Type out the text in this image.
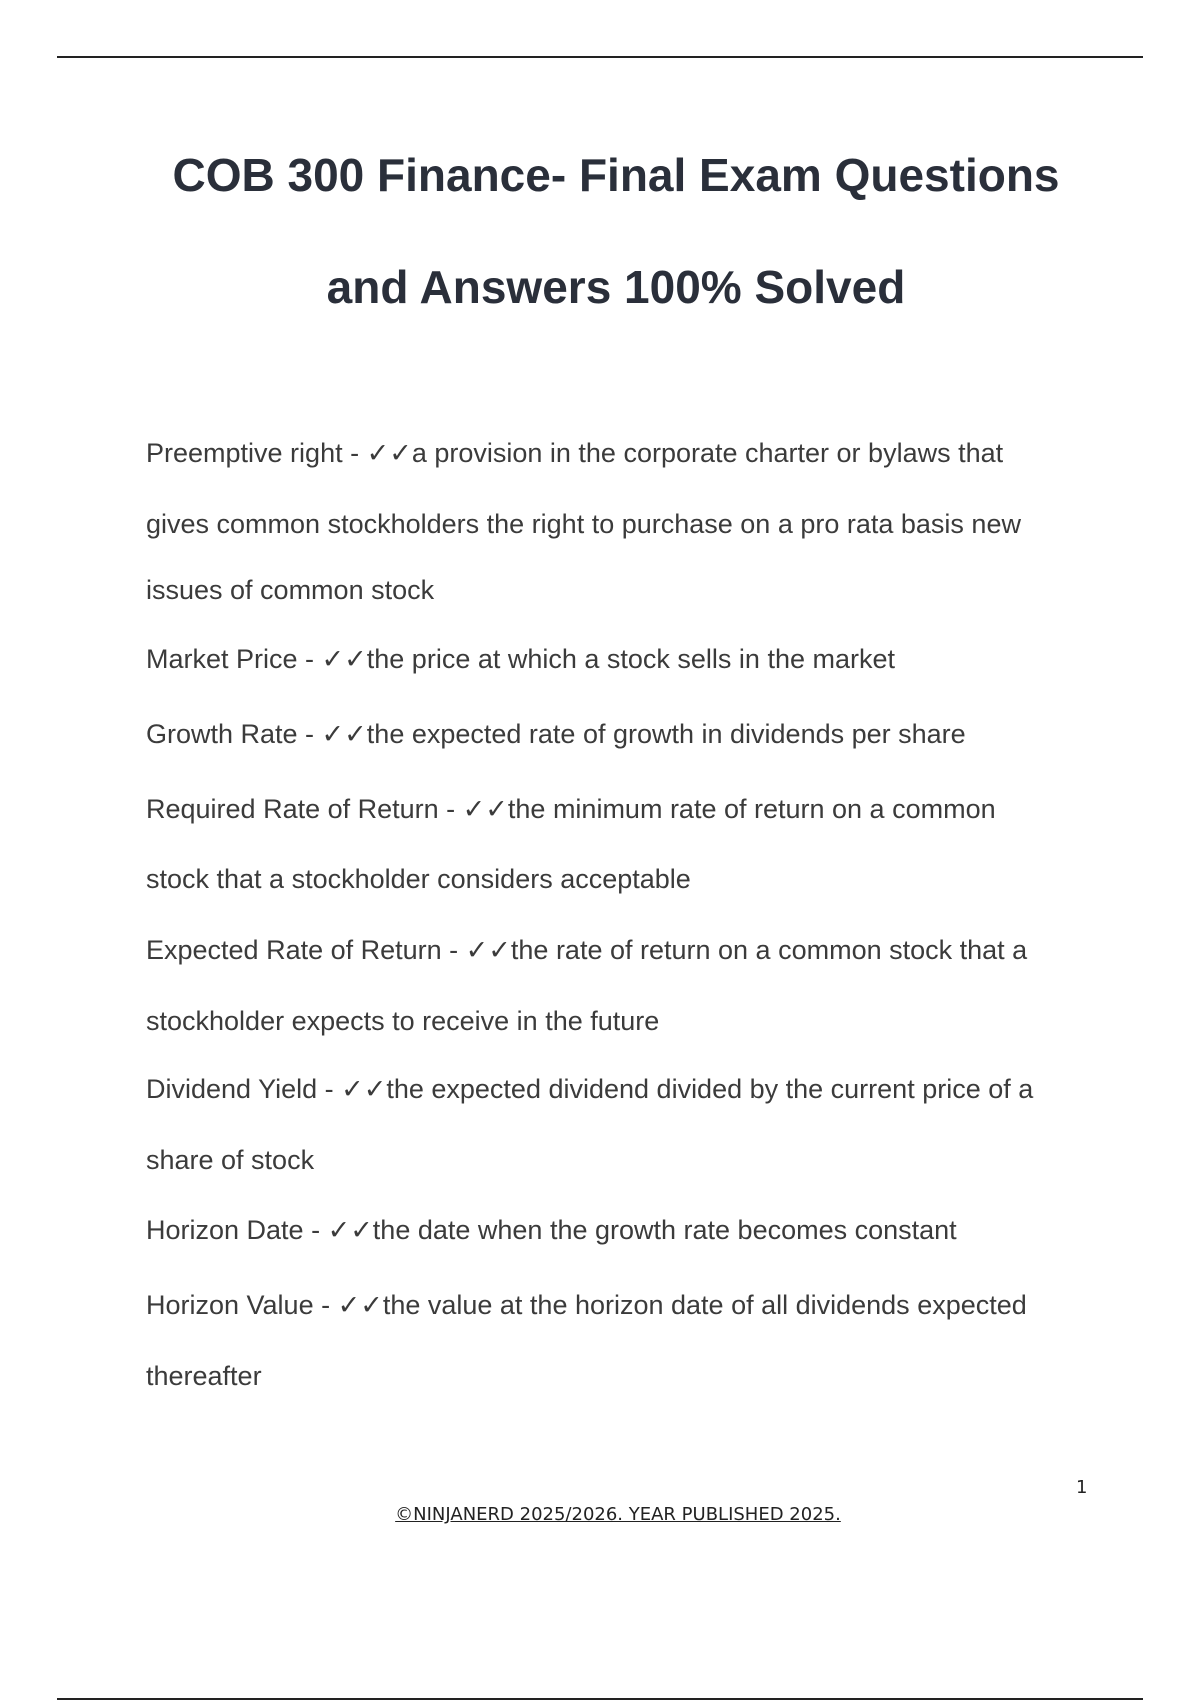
COB 300 Finance- Final Exam Questions
and Answers 100% Solved
Preemptive right - ✓✓a provision in the corporate charter or bylaws that
gives common stockholders the right to purchase on a pro rata basis new
issues of common stock
Market Price - ✓✓the price at which a stock sells in the market
Growth Rate - ✓✓the expected rate of growth in dividends per share
Required Rate of Return - ✓✓the minimum rate of return on a common
stock that a stockholder considers acceptable
Expected Rate of Return - ✓✓the rate of return on a common stock that a
stockholder expects to receive in the future
Dividend Yield - ✓✓the expected dividend divided by the current price of a
share of stock
Horizon Date - ✓✓the date when the growth rate becomes constant
Horizon Value - ✓✓the value at the horizon date of all dividends expected
thereafter
1
©NINJANERD 2025/2026. YEAR PUBLISHED 2025.
